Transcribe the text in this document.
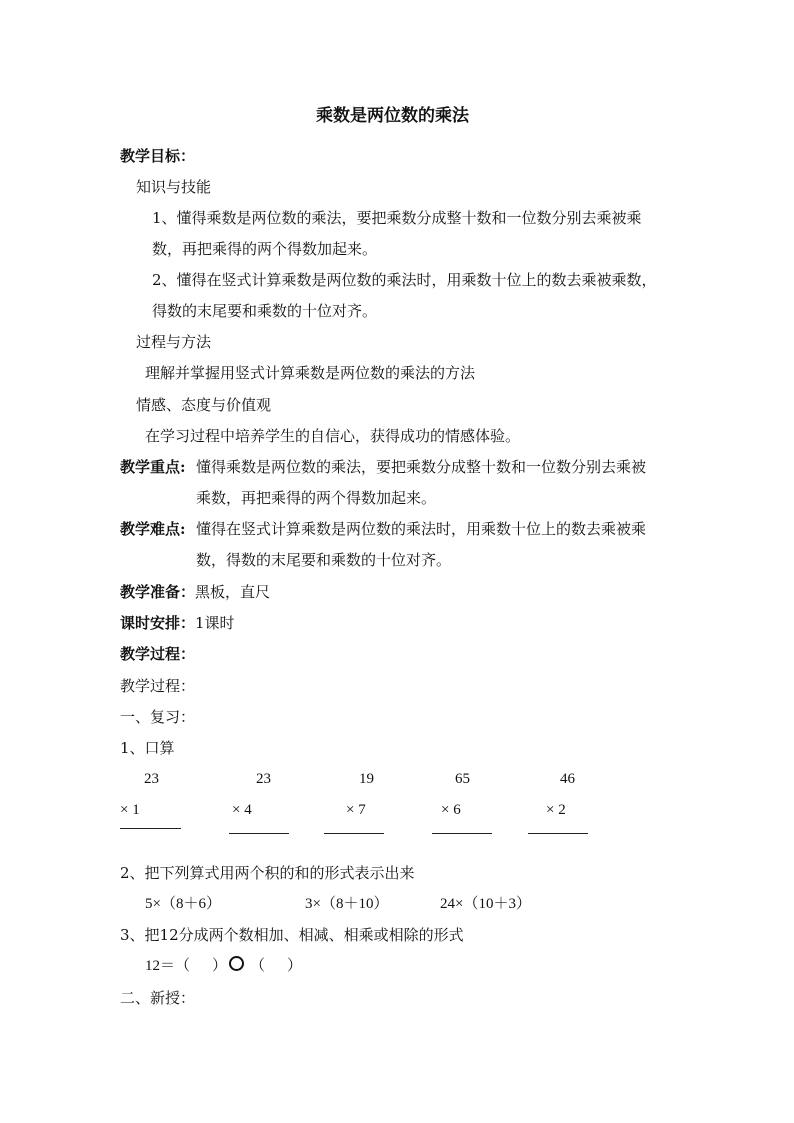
乘数是两位数的乘法
教学目标：
知识与技能
1、懂得乘数是两位数的乘法，要把乘数分成整十数和一位数分别去乘被乘
数，再把乘得的两个得数加起来。
2、懂得在竖式计算乘数是两位数的乘法时，用乘数十位上的数去乘被乘数，
得数的末尾要和乘数的十位对齐。
过程与方法
理解并掌握用竖式计算乘数是两位数的乘法的方法
情感、态度与价值观
在学习过程中培养学生的自信心，获得成功的情感体验。
教学重点: 懂得乘数是两位数的乘法，要把乘数分成整十数和一位数分别去乘被
乘数，再把乘得的两个得数加起来。
教学难点: 懂得在竖式计算乘数是两位数的乘法时，用乘数十位上的数去乘被乘
数，得数的末尾要和乘数的十位对齐。
教学准备：黑板，直尺
课时安排：1课时
教学过程：
教学过程：
一、复习：
1、口算
23
× 1
23
× 4
19
× 7
65
× 6
46
× 2
2、把下列算式用两个积的和的形式表示出来
5×（8＋6）	3×（8＋10）	24×（10＋3）
3、把12分成两个数相加、相减、相乘或相除的形式
12＝（ ） （ ）
二、新授：
